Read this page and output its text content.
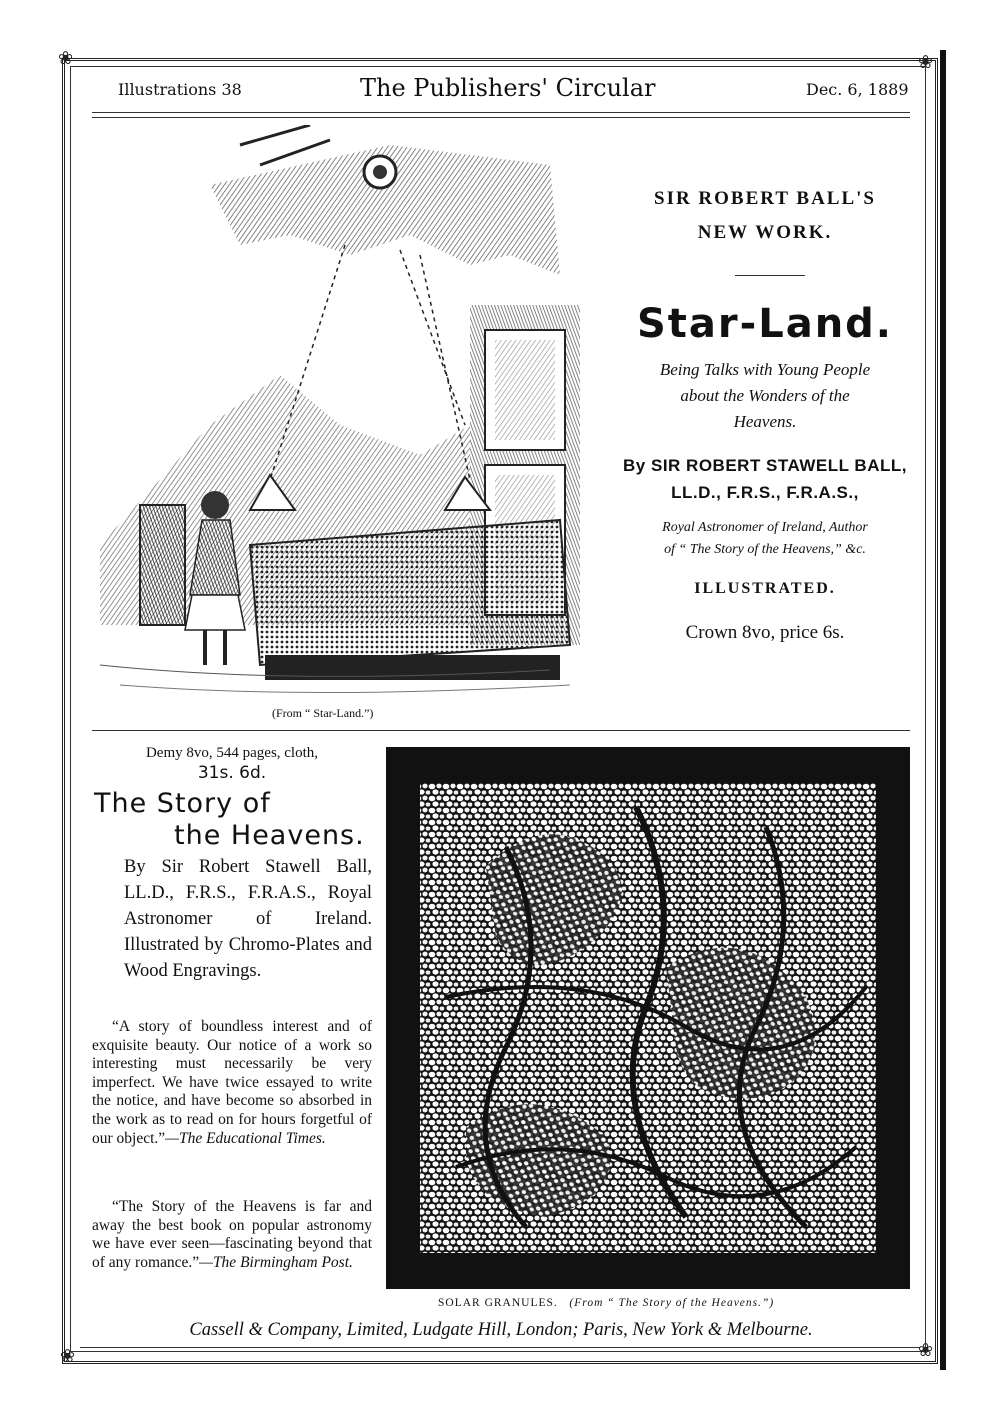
❀	❀
❀	❀
Illustrations 38	The Publishers' Circular	Dec. 6, 1889
(From “ Star-Land.”)
SIR ROBERT BALL'S
NEW WORK.
Star-Land.
Being Talks with Young People
about the Wonders of the
Heavens.
By SIR ROBERT STAWELL BALL,
LL.D., F.R.S., F.R.A.S.,
Royal Astronomer of Ireland, Author
of “ The Story of the Heavens,” &c.
ILLUSTRATED.
Crown 8vo, price 6s.
Demy 8vo, 544 pages, cloth,
31s. 6d.
The Story of
the Heavens.
By Sir Robert Stawell Ball, LL.D., F.R.S., F.R.A.S., Royal Astronomer of Ireland. Illustrated by Chromo-Plates and Wood Engravings.
“A story of boundless interest and of exquisite beauty. Our notice of a work so interesting must necessarily be very imperfect. We have twice essayed to write the notice, and have become so absorbed in the work as to read on for hours forgetful of our object.”—The Educational Times.
“The Story of the Heavens is far and away the best book on popular astronomy we have ever seen—fascinating beyond that of any romance.”—The Birmingham Post.
SOLAR GRANULES. (From “ The Story of the Heavens.”)
Cassell & Company, Limited, Ludgate Hill, London; Paris, New York & Melbourne.
